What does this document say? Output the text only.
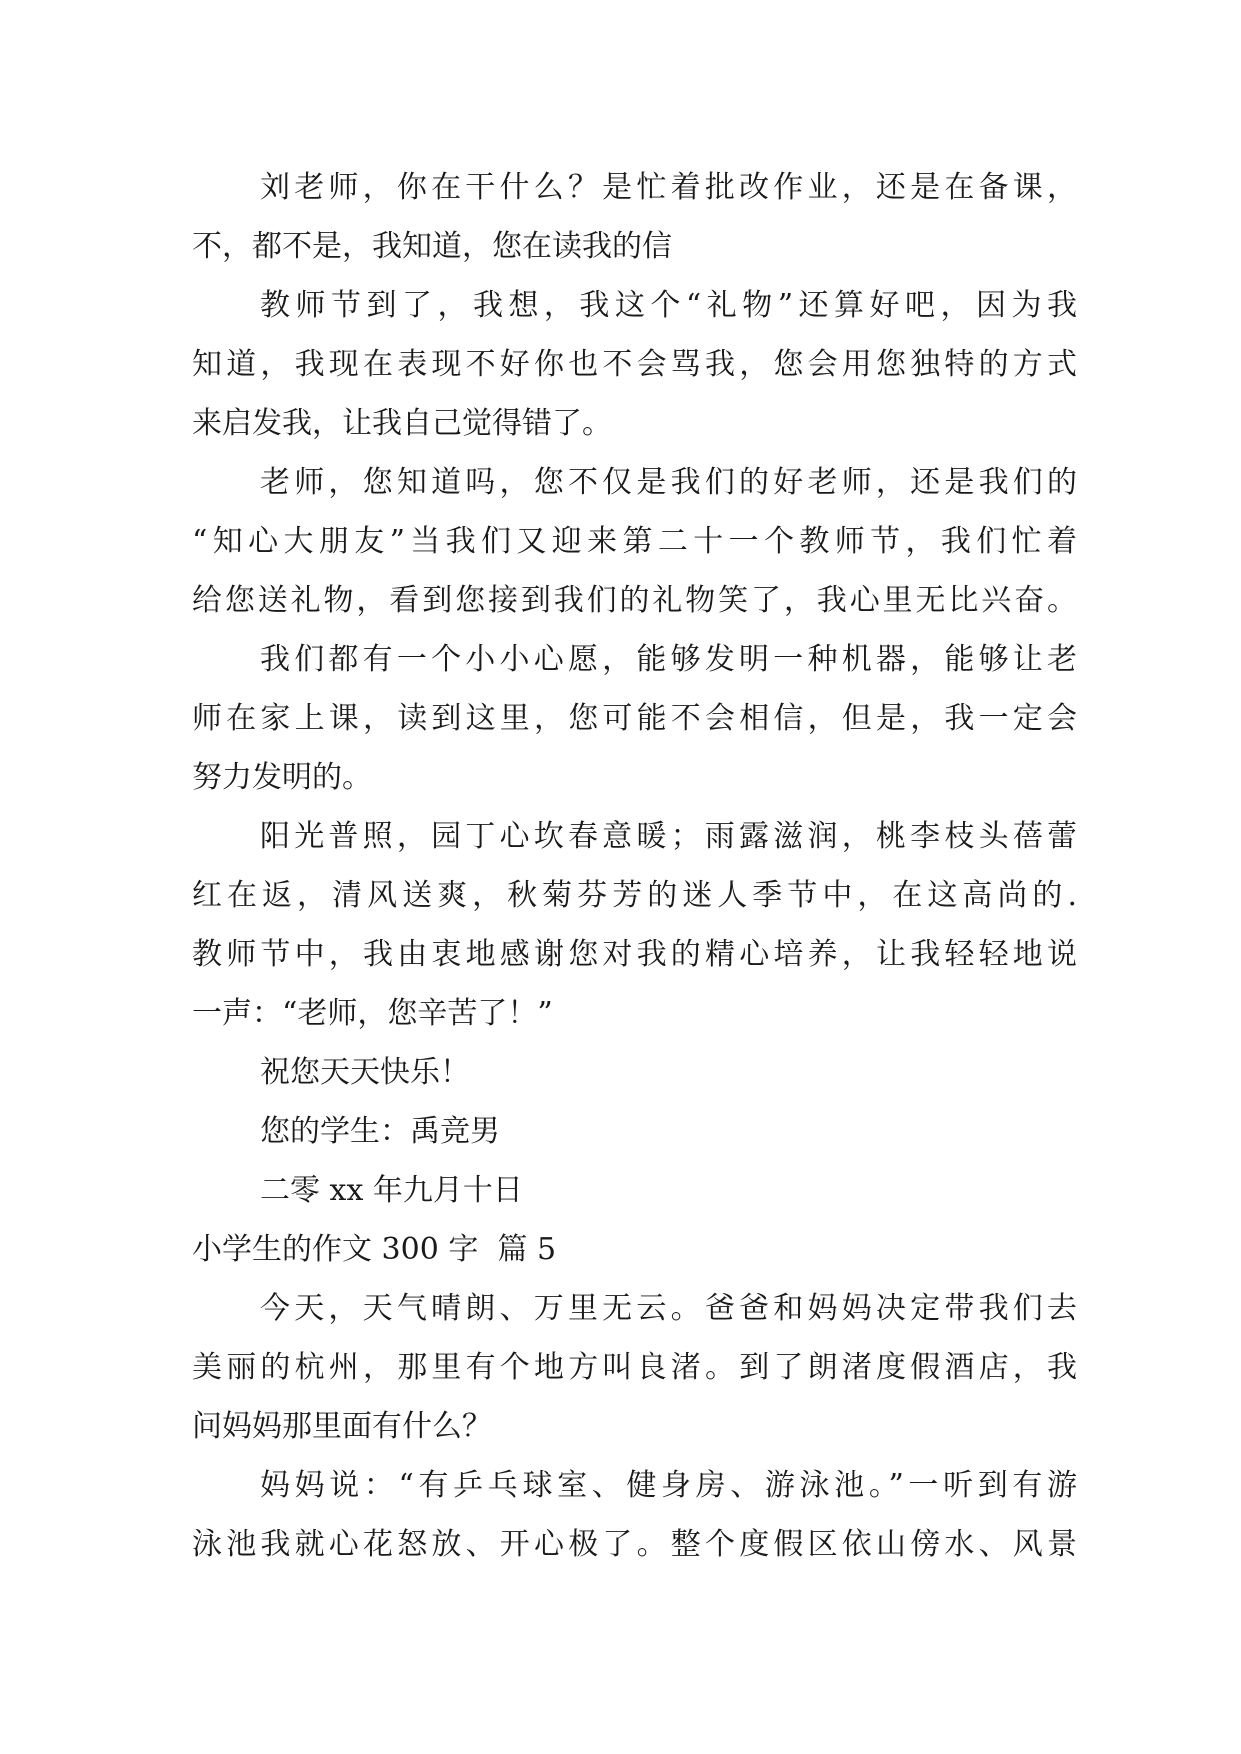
刘老师，你在干什么？是忙着批改作业，还是在备课，
不，都不是，我知道，您在读我的信
教师节到了，我想，我这个“礼物”还算好吧，因为我
知道，我现在表现不好你也不会骂我，您会用您独特的方式
来启发我，让我自己觉得错了。
老师，您知道吗，您不仅是我们的好老师，还是我们的
“知心大朋友”当我们又迎来第二十一个教师节，我们忙着
给您送礼物，看到您接到我们的礼物笑了，我心里无比兴奋。
我们都有一个小小心愿，能够发明一种机器，能够让老
师在家上课，读到这里，您可能不会相信，但是，我一定会
努力发明的。
阳光普照，园丁心坎春意暖；雨露滋润，桃李枝头蓓蕾
红在返，清风送爽，秋菊芬芳的迷人季节中，在这高尚的.
教师节中，我由衷地感谢您对我的精心培养，让我轻轻地说
一声：“老师，您辛苦了！”
祝您天天快乐！
您的学生：禹竞男
二零 xx 年九月十日
小学生的作文 300 字  篇 5
今天，天气晴朗、万里无云。爸爸和妈妈决定带我们去
美丽的杭州，那里有个地方叫良渚。到了朗渚度假酒店，我
问妈妈那里面有什么？
妈妈说：“有乒乓球室、健身房、游泳池。”一听到有游
泳池我就心花怒放、开心极了。整个度假区依山傍水、风景
